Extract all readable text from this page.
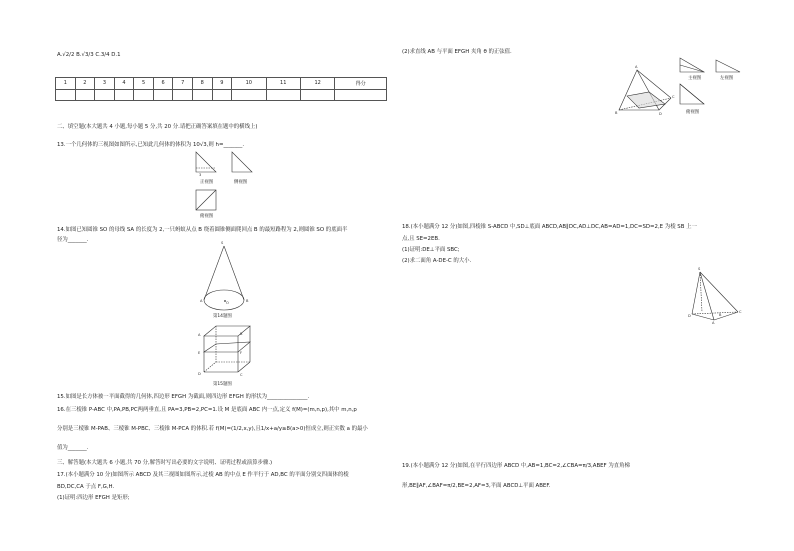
A.√2/2 B.√3/3 C.3/4 D.1
1	2	3	4	5	6	7	8	9	10	11	12	得分

二、填空题(本大题共 4 小题,每小题 5 分,共 20 分.请把正确答案填在题中的横线上)
13.一个几何体的三视图如图所示,已知此几何体的体积为 10√3,则 h=_______.
3
正视图	侧视图
俯视图
14.如图已知圆锥 SO 的母线 SA 的长度为 2,一只蚂蚁从点 B 绕着圆锥侧面爬回点 B 的最短路程为 2,则圆锥 SO 的底面半
径为_______.	S
A	B
O
第14题图
A	B
E	F
D	C
第15题图
15.如图是长方体被一平面截得的几何体,四边形 EFGH 为截面,则四边形 EFGH 的形状为_______________.
16.在三棱锥 P-ABC 中,PA,PB,PC两两垂直,且 PA=3,PB=2,PC=1.设 M 是底面 ABC 内一点,定义 f(M)=(m,n,p),其中 m,n,p
分别是三棱锥 M-PAB、三棱锥 M-PBC、三棱锥 M-PCA 的体积.若 f(M)=(1/2,x,y),且1/x+a/y≥8(a>0)恒成立,则正实数 a 的最小
值为_______.
三、解答题(本大题共 6 小题,共 70 分,解答时写出必要的文字说明、证明过程或演算步骤.)
17.(本小题满分 10 分)如图所示 ABCD 及其三视图如图所示,过棱 AB 的中点 E 作平行于 AD,BC 的平面分别交四面体的棱
BD,DC,CA 于点 F,G,H.
(1)证明:四边形 EFGH 是矩形;
(2)求直线 AB 与平面 EFGH 夹角 θ 的正弦值.
A
B	D
C
主视图	左视图
俯视图
18.(本小题满分 12 分)如图,四棱锥 S-ABCD 中,SD⊥底面 ABCD,AB∥DC,AD⊥DC,AB=AD=1,DC=SD=2,E 为棱 SB 上一
点,且 SE=2EB.
(1)证明:DE⊥平面 SBC;
(2)求二面角 A-DE-C 的大小.
S
D
A
C
B
19.(本小题满分 12 分)如图,在平行四边形 ABCD 中,AB=1,BC=2,∠CBA=π/3,ABEF 为直角梯
形,BE∥AF,∠BAF=π/2,BE=2,AF=3,平面 ABCD⊥平面 ABEF.
